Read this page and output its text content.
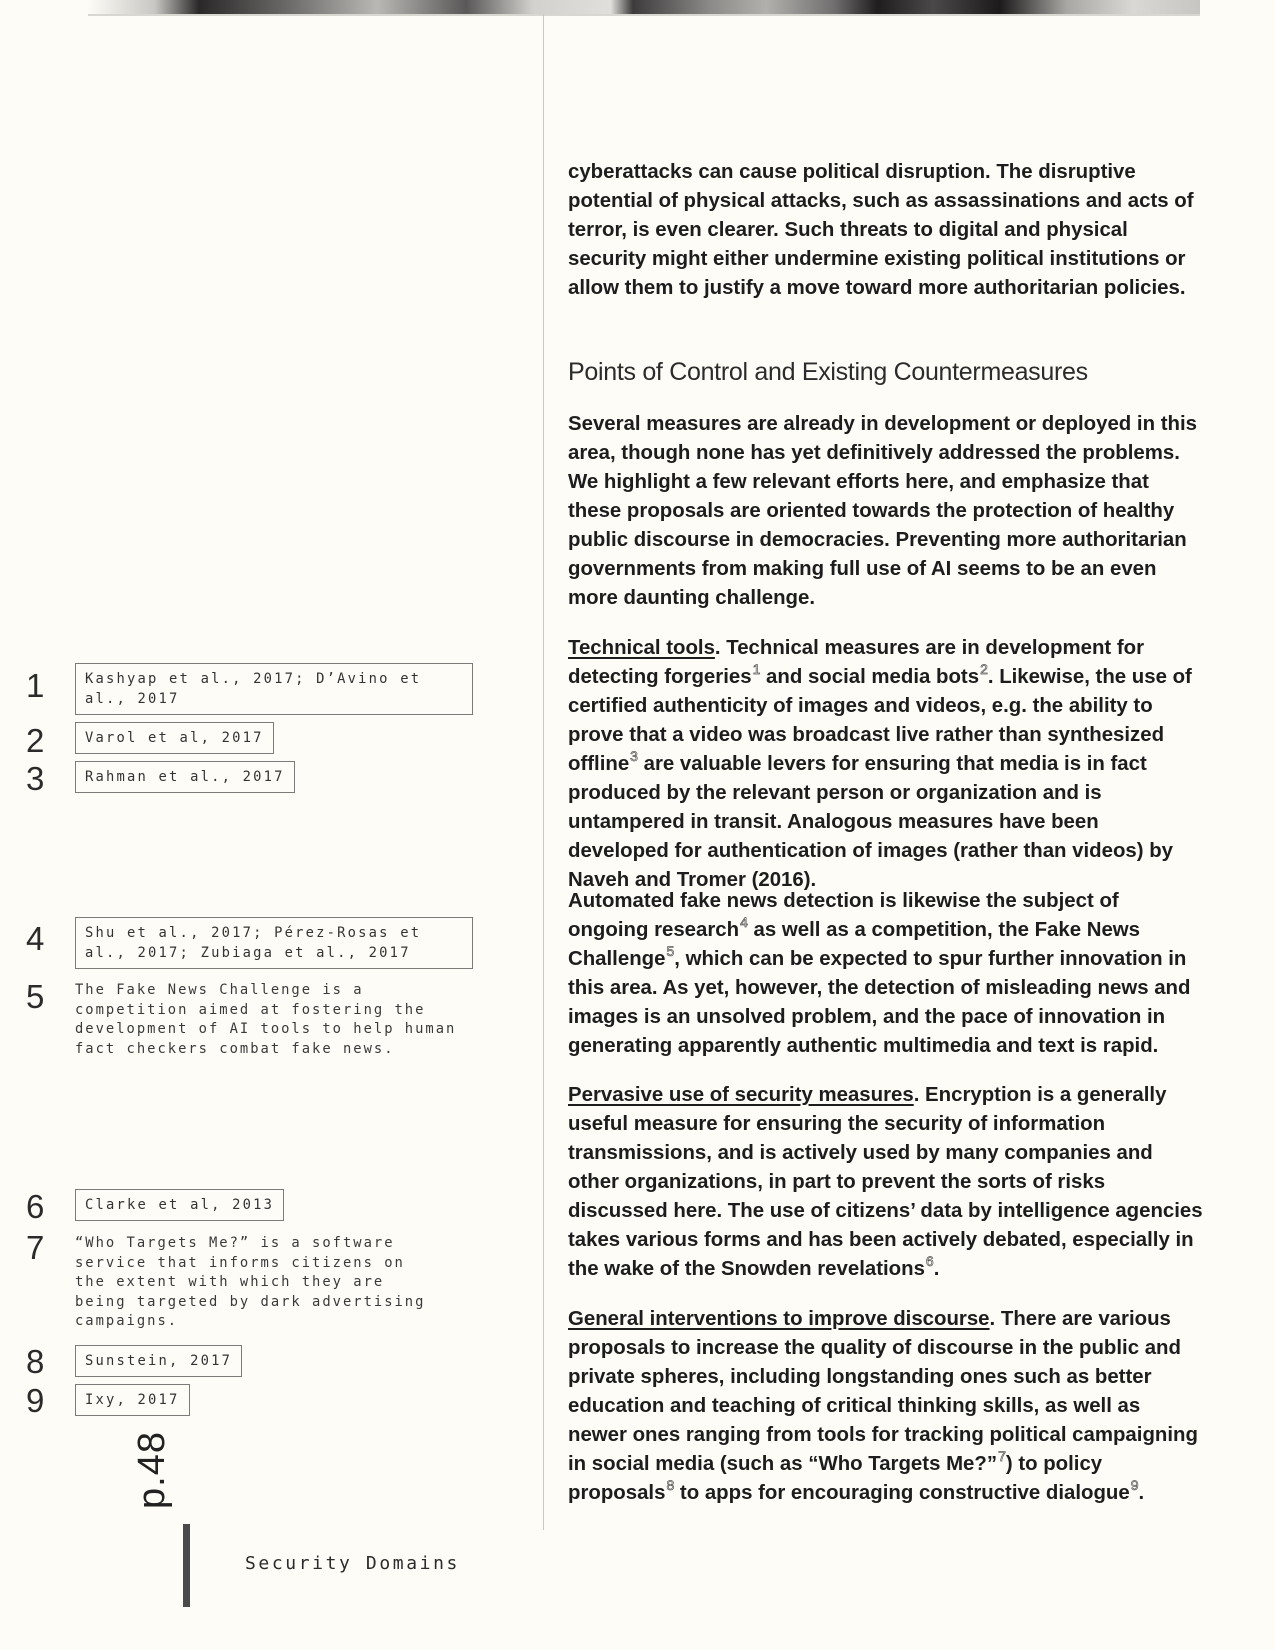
cyberattacks can cause political disruption. The disruptive potential of physical attacks, such as assassinations and acts of terror, is even clearer. Such threats to digital and physical security might either undermine existing political institutions or allow them to justify a move toward more authoritarian policies.

Points of Control and Existing Countermeasures

Several measures are already in development or deployed in this area, though none has yet definitively addressed the problems. We highlight a few relevant efforts here, and emphasize that these proposals are oriented towards the protection of healthy public discourse in democracies. Preventing more authoritarian governments from making full use of AI seems to be an even more daunting challenge.

Technical tools. Technical measures are in development for detecting forgeries$^1$ and social media bots$^2$. Likewise, the use of certified authenticity of images and videos, e.g. the ability to prove that a video was broadcast live rather than synthesized offline$^3$ are valuable levers for ensuring that media is in fact produced by the relevant person or organization and is untampered in transit. Analogous measures have been developed for authentication of images (rather than videos) by Naveh and Tromer (2016).

Automated fake news detection is likewise the subject of ongoing research$^4$ as well as a competition, the Fake News Challenge$^5$, which can be expected to spur further innovation in this area. As yet, however, the detection of misleading news and images is an unsolved problem, and the pace of innovation in generating apparently authentic multimedia and text is rapid.

Pervasive use of security measures. Encryption is a generally useful measure for ensuring the security of information transmissions, and is actively used by many companies and other organizations, in part to prevent the sorts of risks discussed here. The use of citizens’ data by intelligence agencies takes various forms and has been actively debated, especially in the wake of the Snowden revelations$^6$.

General interventions to improve discourse. There are various proposals to increase the quality of discourse in the public and private spheres, including longstanding ones such as better education and teaching of critical thinking skills, as well as newer ones ranging from tools for tracking political campaigning in social media (such as “Who Targets Me?”$^7$) to policy proposals$^8$ to apps for encouraging constructive dialogue$^9$.

1	Kashyap et al., 2017; D’Avino et al., 2017
2	Varol et al, 2017
3	Rahman et al., 2017
4	Shu et al., 2017; Pérez-Rosas et al., 2017; Zubiaga et al., 2017
5 The Fake News Challenge is a competition aimed at fostering the development of AI tools to help human fact checkers combat fake news.

6	Clarke et al, 2013
7 “Who Targets Me?” is a software service that informs citizens on the extent with which they are being targeted by dark advertising campaigns.

8	Sunstein, 2017
9	Ixy, 2017
p.48
Security Domains
